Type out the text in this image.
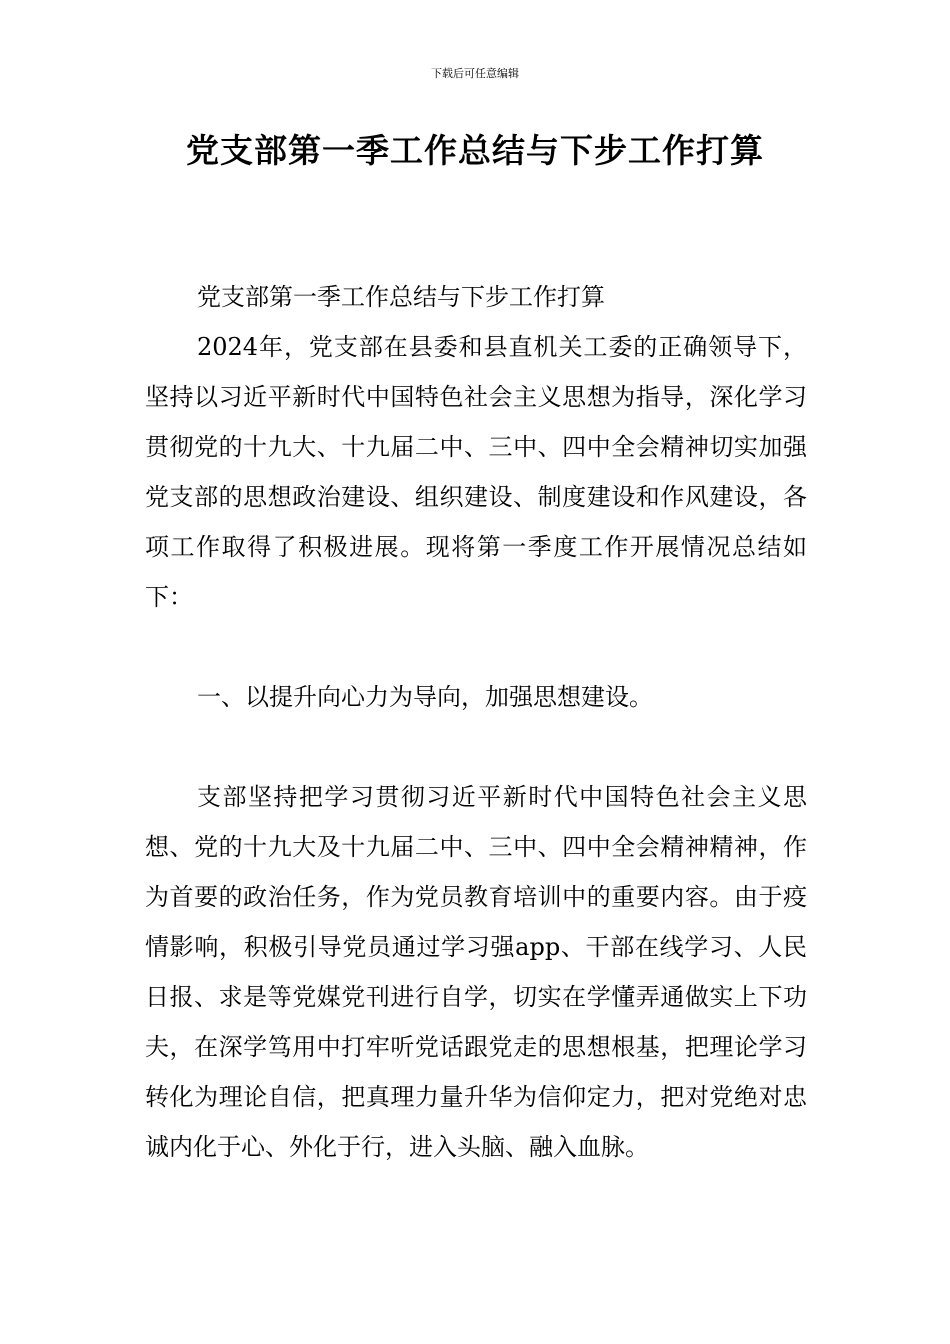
下载后可任意编辑
党支部第一季工作总结与下步工作打算

党支部第一季工作总结与下步工作打算

2024年，党支部在县委和县直机关工委的正确领导下，坚持以习近平新时代中国特色社会主义思想为指导，深化学习贯彻党的十九大、十九届二中、三中、四中全会精神切实加强党支部的思想政治建设、组织建设、制度建设和作风建设，各项工作取得了积极进展。现将第一季度工作开展情况总结如下：

一、以提升向心力为导向，加强思想建设。

支部坚持把学习贯彻习近平新时代中国特色社会主义思想、党的十九大及十九届二中、三中、四中全会精神精神，作为首要的政治任务，作为党员教育培训中的重要内容。由于疫情影响，积极引导党员通过学习强app、干部在线学习、人民日报、求是等党媒党刊进行自学，切实在学懂弄通做实上下功夫，在深学笃用中打牢听党话跟党走的思想根基，把理论学习转化为理论自信，把真理力量升华为信仰定力，把对党绝对忠诚内化于心、外化于行，进入头脑、融入血脉。
